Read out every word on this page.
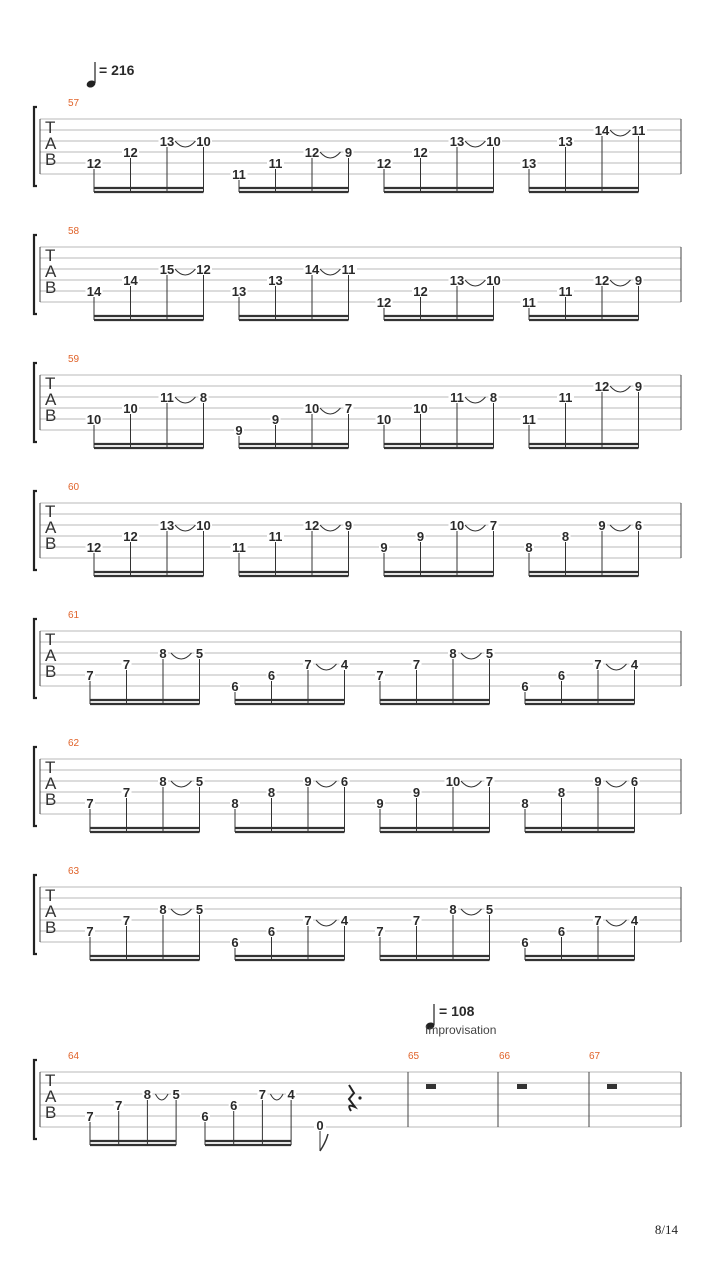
12
12
13 10
11
11
12 9
12
12
13 10
13
13
14 11
14
14
15 12
13
13
14 11
12
12
13 10
11
11
12 9
10
10
11 8
9
9
10 7
10
10
11 8
11
11
12 9
12
12
13 10
11
11
12 9
9
9
10 7
8
8
9 6
7
7
8 5
6
6
7 4
7
7
8 5
6
6
7 4
7
7
8 5
8
8
9 6
9
9
10 7
8
8
9 6
7
7
8 5
6
6
7 4
7
7
8 5
6
6
7 4
7
7
8 5
6
6
7 4
0
T
A
B
57
T
A
B
58
T
A
B
59
T
A
B
60
T
A
B
61
T
A
B
62
T
A
B
63
T
A
B
64	65	66	67
= 216
= 108
Improvisation
8/14
